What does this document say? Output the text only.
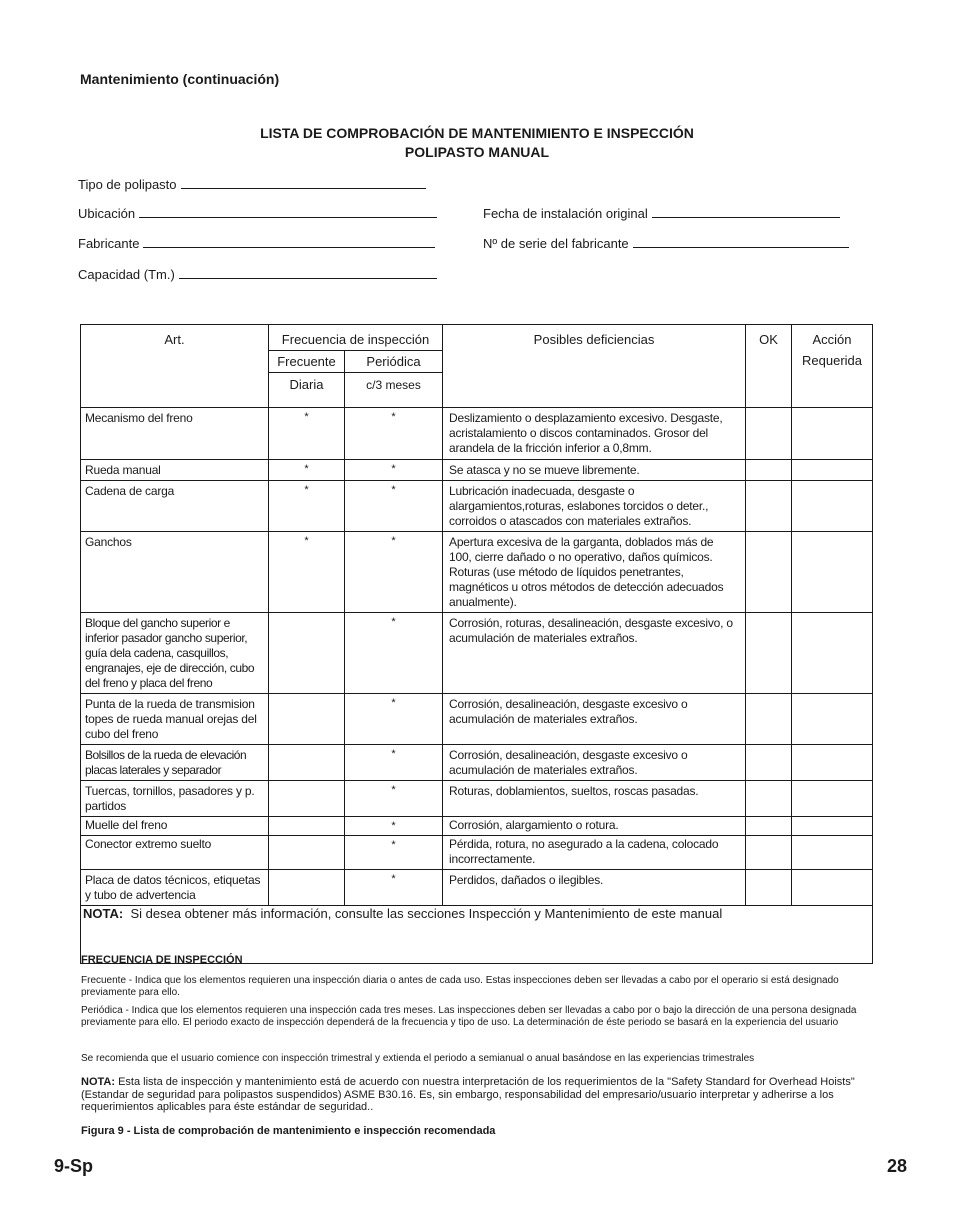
Mantenimiento (continuación)
LISTA DE COMPROBACIÓN DE MANTENIMIENTO E INSPECCIÓN
POLIPASTO MANUAL
Tipo de polipasto
Ubicación
Fabricante
Capacidad (Tm.)
Fecha de instalación original
Nº de serie del fabricante
Art.	Frecuencia de inspección		Posibles deficiencias	OK	Acción
Requerida

	Frecuente	Periódica			
	Diaria	c/3 meses			
Mecanismo del freno	*	*	Deslizamiento o desplazamiento excesivo. Desgaste, acristalamiento o discos contaminados. Grosor del arandela de la fricción inferior a 0,8mm.		
Rueda manual	*	*	Se atasca y no se mueve libremente.		
Cadena de carga	*	*	Lubricación inadecuada, desgaste o alargamientos,roturas, eslabones torcidos o deter., corroidos o atascados con materiales extraños.		
Ganchos	*	*	Apertura excesiva de la garganta, doblados más de 100, cierre dañado o no operativo, daños químicos. Roturas (use método de líquidos penetrantes, magnéticos u otros métodos de detección adecuados anualmente).		
Bloque del gancho superior e inferior pasador gancho superior, guía dela cadena, casquillos, engranajes, eje de dirección, cubo del freno y placa del freno		*	Corrosión, roturas, desalineación, desgaste excesivo, o acumulación de materiales extraños.		
Punta de la rueda de transmision topes de rueda manual orejas del cubo del freno		*	Corrosión, desalineación, desgaste excesivo o acumulación de materiales extraños.		
Bolsillos de la rueda de elevación placas laterales y separador		*	Corrosión, desalineación, desgaste excesivo o acumulación de materiales extraños.		
Tuercas, tornillos, pasadores y p. partidos		*	Roturas, doblamientos, sueltos, roscas pasadas.		
Muelle del freno		*	Corrosión, alargamiento o rotura.		
Conector extremo suelto		*	Pérdida, rotura, no asegurado a la cadena, colocado incorrectamente.		
Placa de datos técnicos, etiquetas y tubo de advertencia		*	Perdidos, dañados o ilegibles.		
NOTA: Si desea obtener más información, consulte las secciones Inspección y Mantenimiento de este manual					
FRECUENCIA DE INSPECCIÓN
Frecuente - Indica que los elementos requieren una inspección diaria o antes de cada uso. Estas inspecciones deben ser llevadas a cabo por el operario si está designado previamente para ello.
Periódica - Indica que los elementos requieren una inspección cada tres meses. Las inspecciones deben ser llevadas a cabo por o bajo la dirección de una persona designada previamente para ello. El periodo exacto de inspección dependerá de la frecuencia y tipo de uso. La determinación de éste periodo se basará en la experiencia del usuario
Se recomienda que el usuario comience con inspección trimestral y extienda el periodo a semianual o anual basándose en las experiencias trimestrales
NOTA: Esta lista de inspección y mantenimiento está de acuerdo con nuestra interpretación de los requerimientos de la "Safety Standard for Overhead Hoists" (Estandar de seguridad para polipastos suspendidos) ASME B30.16. Es, sin embargo, responsabilidad del empresario/usuario interpretar y adherirse a los requerimientos aplicables para éste estándar de seguridad..
Figura 9 - Lista de comprobación de mantenimiento e inspección recomendada
9-Sp	28
